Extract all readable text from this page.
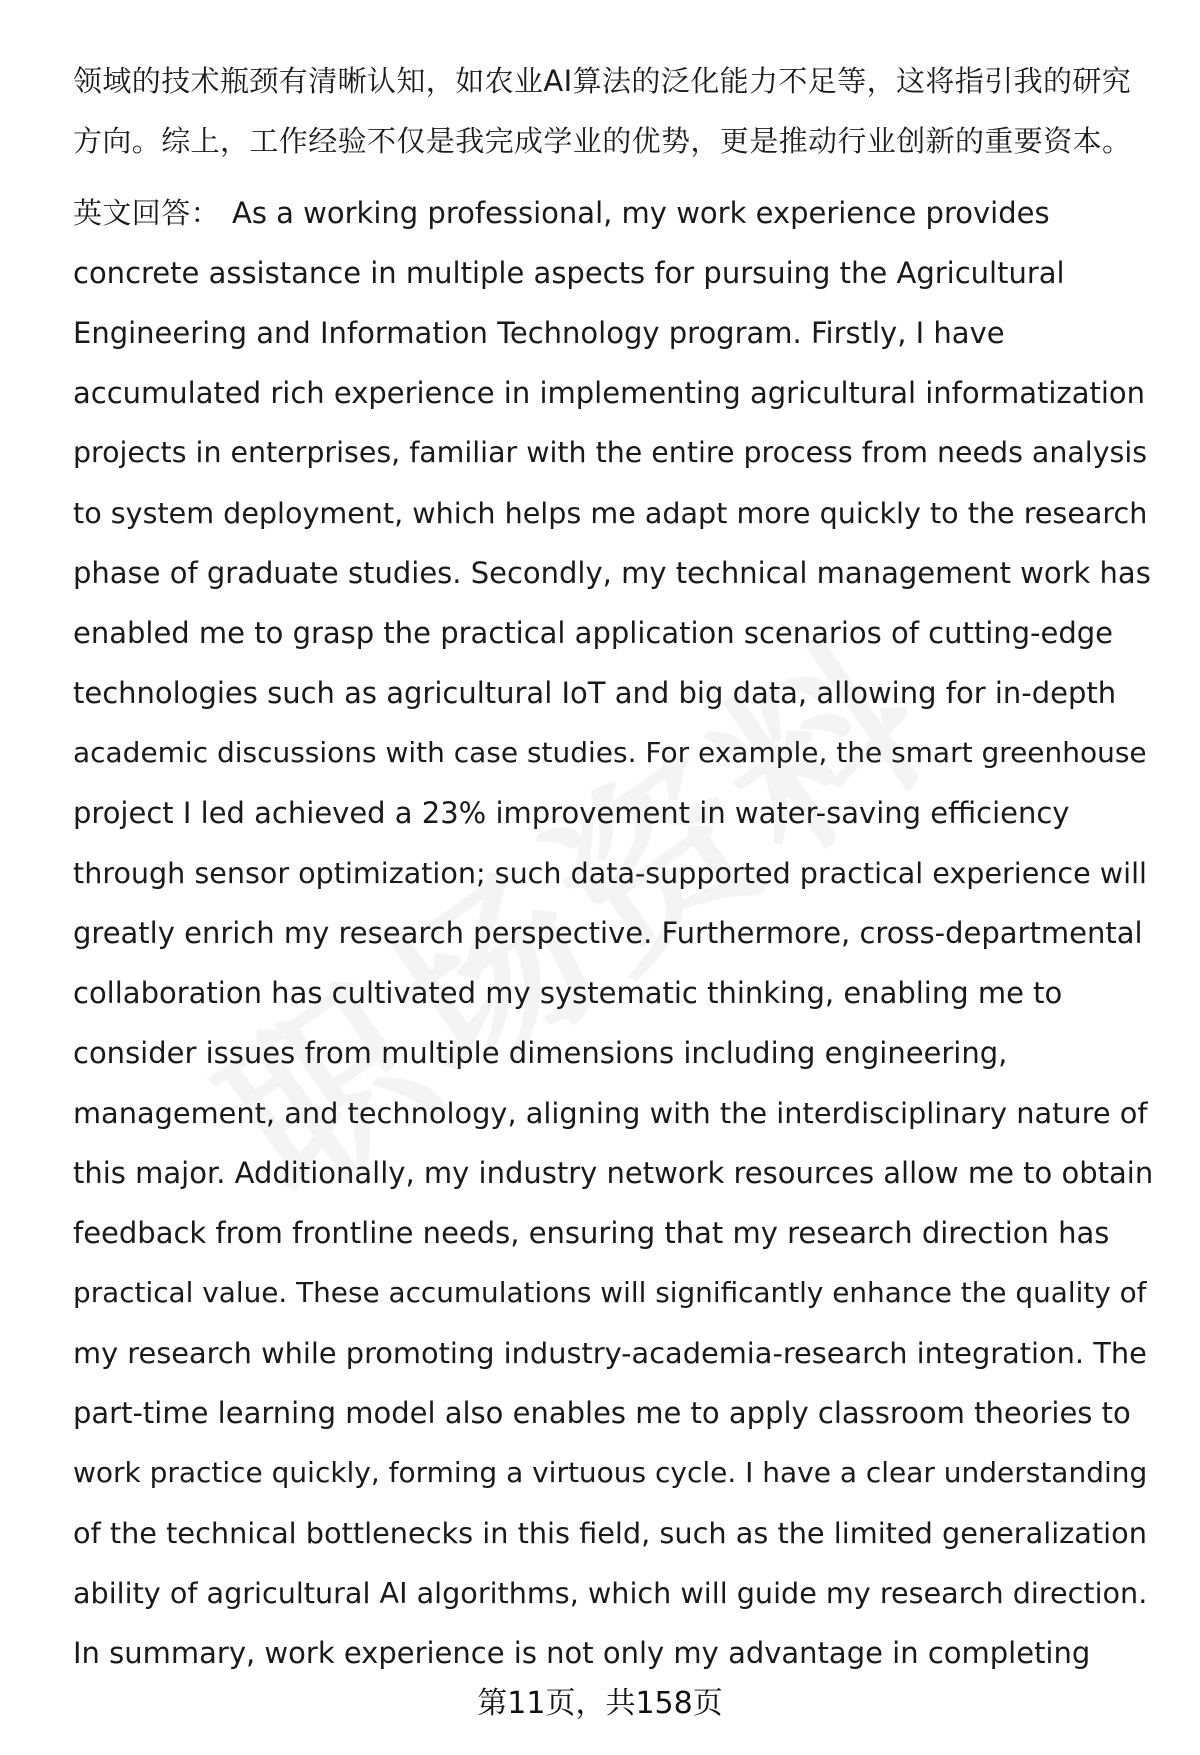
领域的技术瓶颈有清晰认知，如农业AI算法的泛化能力不足等，这将指引我的研究
方向。综上，工作经验不仅是我完成学业的优势，更是推动行业创新的重要资本。
英文回答： As a working professional, my work experience provides
concrete assistance in multiple aspects for pursuing the Agricultural
Engineering and Information Technology program. Firstly, I have
accumulated rich experience in implementing agricultural informatization
projects in enterprises, familiar with the entire process from needs analysis
to system deployment, which helps me adapt more quickly to the research
phase of graduate studies. Secondly, my technical management work has
enabled me to grasp the practical application scenarios of cutting-edge
technologies such as agricultural IoT and big data, allowing for in-depth
academic discussions with case studies. For example, the smart greenhouse
project I led achieved a 23% improvement in water-saving efficiency
through sensor optimization; such data-supported practical experience will
greatly enrich my research perspective. Furthermore, cross-departmental
collaboration has cultivated my systematic thinking, enabling me to
consider issues from multiple dimensions including engineering,
management, and technology, aligning with the interdisciplinary nature of
this major. Additionally, my industry network resources allow me to obtain
feedback from frontline needs, ensuring that my research direction has
practical value. These accumulations will significantly enhance the quality of
my research while promoting industry-academia-research integration. The
part-time learning model also enables me to apply classroom theories to
work practice quickly, forming a virtuous cycle. I have a clear understanding
of the technical bottlenecks in this field, such as the limited generalization
ability of agricultural AI algorithms, which will guide my research direction.
In summary, work experience is not only my advantage in completing
第11页，共158页
